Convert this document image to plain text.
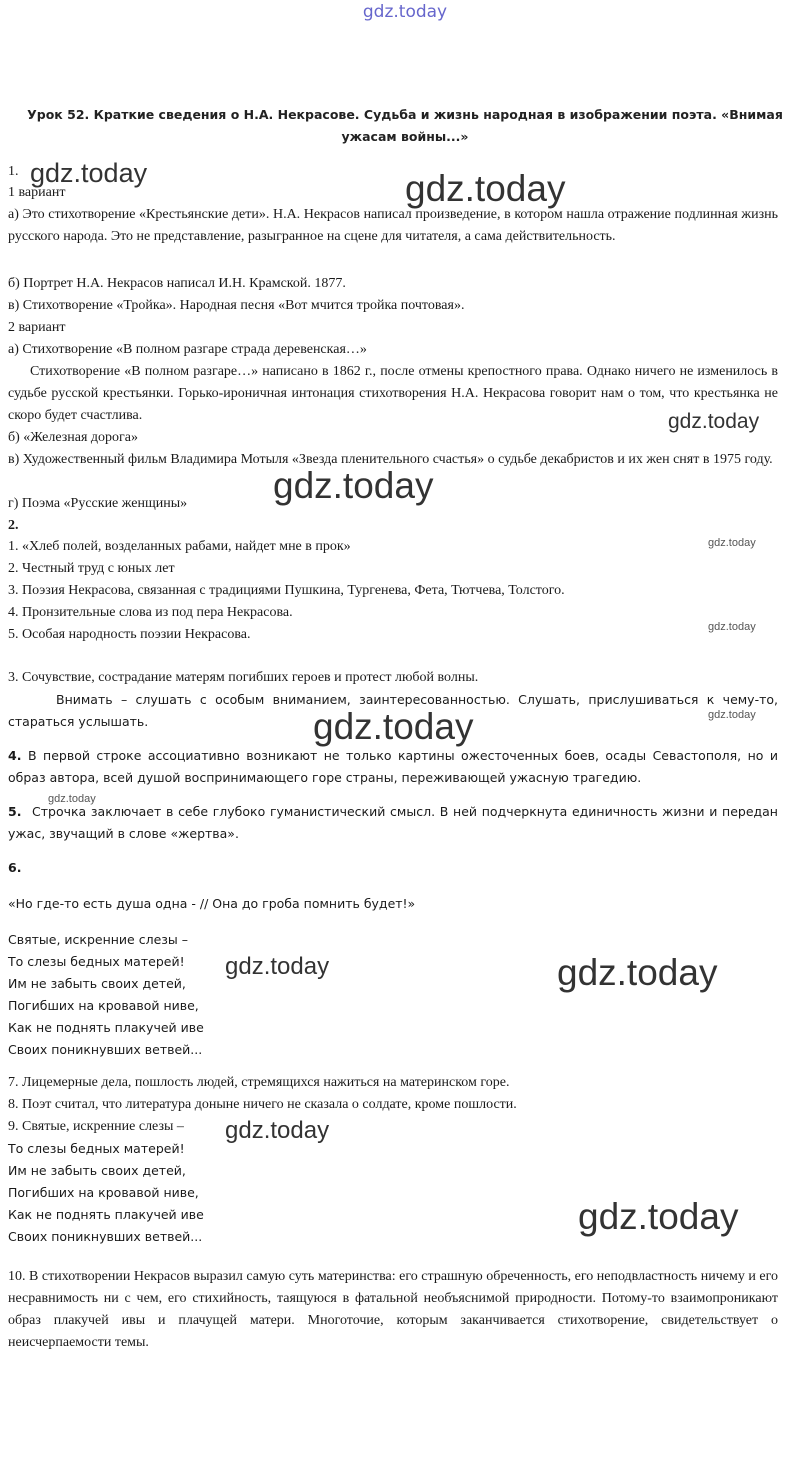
gdz.today
Урок 52. Краткие сведения о Н.А. Некрасове. Судьба и жизнь народная в изображении поэта. «Внимая ужасам войны...»
1.
1 вариант
а) Это стихотворение «Крестьянские дети». Н.А. Некрасов написал произведение, в котором нашла отражение подлинная жизнь русского народа. Это не представление, разыгранное на сцене для читателя, а сама действительность.
б) Портрет Н.А. Некрасов написал И.Н. Крамской. 1877.
в) Стихотворение «Тройка». Народная песня «Вот мчится тройка почтовая».
2 вариант
а) Стихотворение «В полном разгаре страда деревенская…»
Стихотворение «В полном разгаре…» написано в 1862 г., после отмены крепостного права. Однако ничего не изменилось в судьбе русской крестьянки. Горько-ироничная интонация стихотворения Н.А. Некрасова говорит нам о том, что крестьянка не скоро будет счастлива.
б) «Железная дорога»
в) Художественный фильм Владимира Мотыля «Звезда пленительного счастья» о судьбе декабристов и их жен снят в 1975 году.
г) Поэма «Русские женщины»
2.
1. «Хлеб полей, возделанных рабами, найдет мне в прок»
2. Честный труд с юных лет
3. Поэзия Некрасова, связанная с традициями Пушкина, Тургенева, Фета, Тютчева, Толстого.
4. Пронзительные слова из под пера Некрасова.
5. Особая народность поэзии Некрасова.
3. Сочувствие, сострадание матерям погибших героев и протест любой волны.
Внимать – слушать с особым вниманием, заинтересованностью. Слушать, прислушиваться к чему-то, стараться услышать.
4. В первой строке ассоциативно возникают не только картины ожесточенных боев, осады Севастополя, но и образ автора, всей душой воспринимающего горе страны, переживающей ужасную трагедию.
5. Строчка заключает в себе глубоко гуманистический смысл. В ней подчеркнута единичность жизни и передан ужас, звучащий в слове «жертва».
6.
«Но где-то есть душа одна - // Она до гроба помнить будет!»
Святые, искренние слезы –
То слезы бедных матерей!
Им не забыть своих детей,
Погибших на кровавой ниве,
Как не поднять плакучей иве
Своих поникнувших ветвей...
7. Лицемерные дела, пошлость людей, стремящихся нажиться на материнском горе.
8. Поэт считал, что литература доныне ничего не сказала о солдате, кроме пошлости.
9. Святые, искренние слезы –
То слезы бедных матерей!
Им не забыть своих детей,
Погибших на кровавой ниве,
Как не поднять плакучей иве
Своих поникнувших ветвей...
10. В стихотворении Некрасов выразил самую суть материнства: его страшную обреченность, его неподвластность ничему и его несравнимость ни с чем, его стихийность, таящуюся в фатальной необъяснимой природности. Потому-то взаимопроникают образ плакучей ивы и плачущей матери. Многоточие, которым заканчивается стихотворение, свидетельствует о неисчерпаемости темы.
gdz.today	gdz.today
gdz.today
gdz.today
gdz.today
gdz.today
gdz.today
gdz.today
gdz.today
gdz.today	gdz.today
gdz.today
gdz.today
